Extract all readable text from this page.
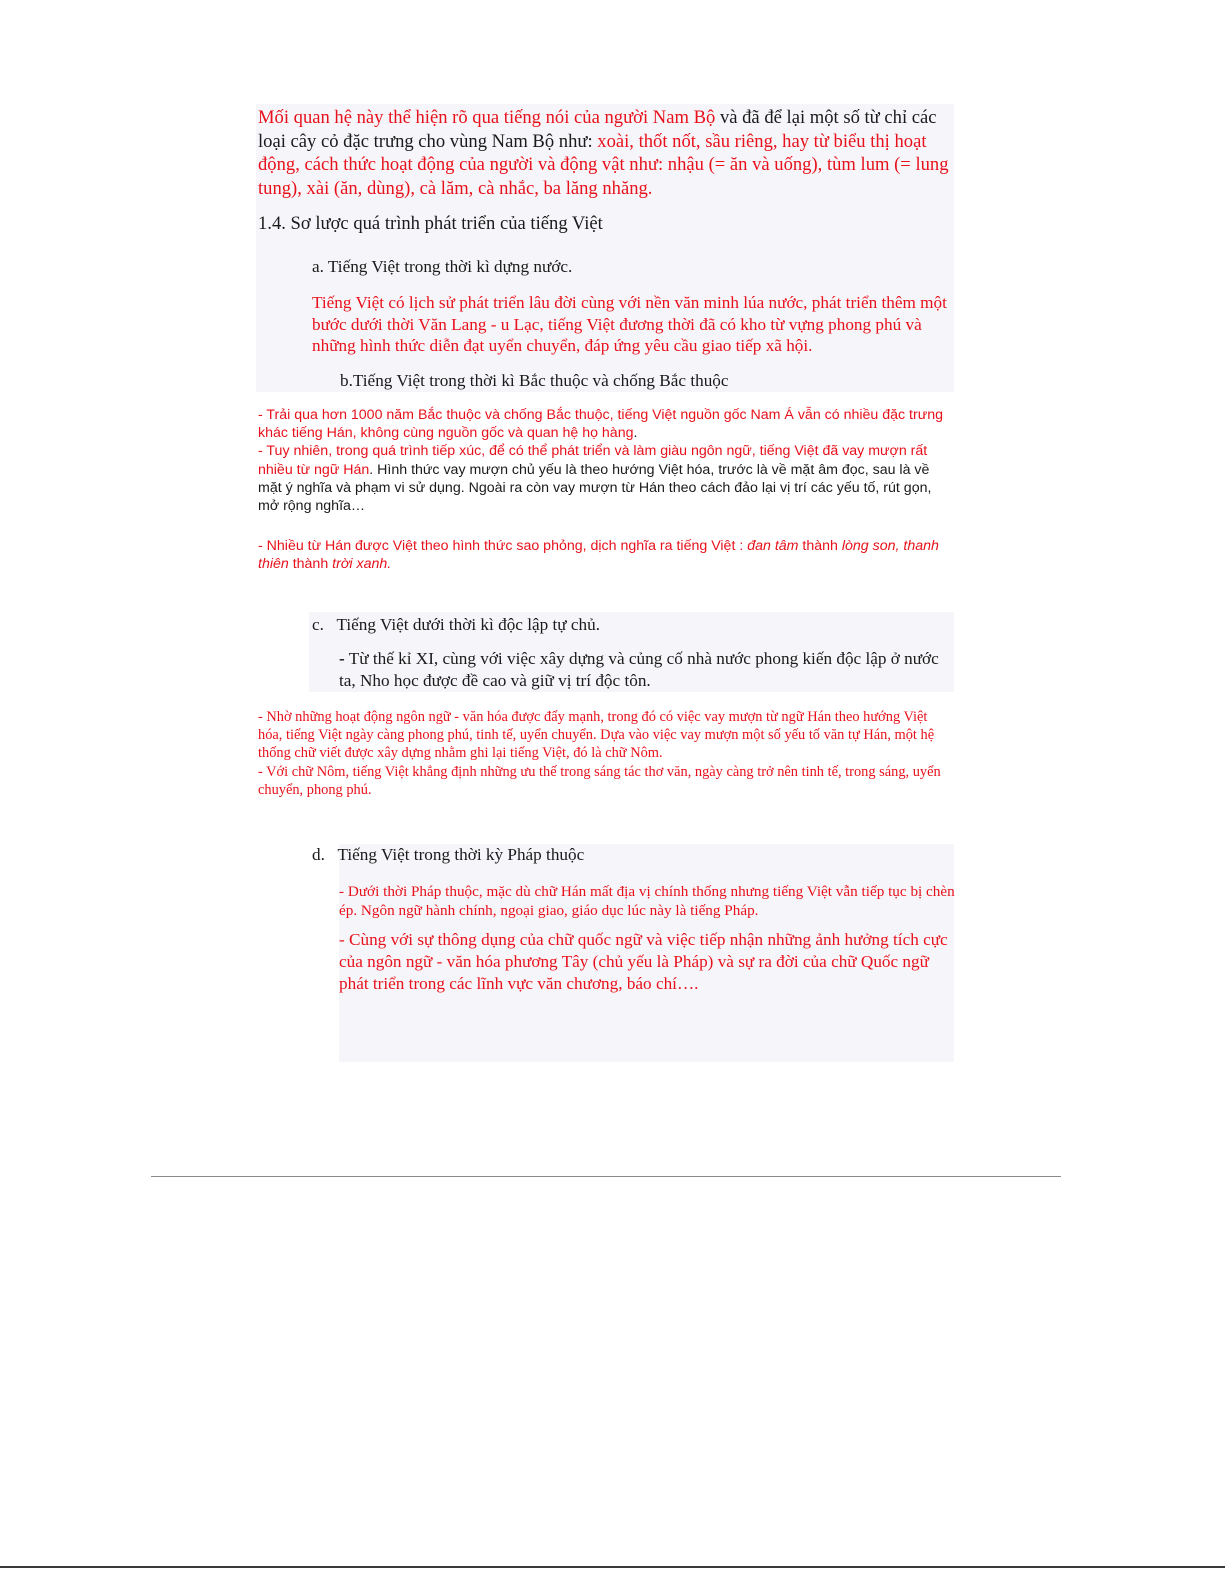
Mối quan hệ này thể hiện rõ qua tiếng nói của người Nam Bộ và đã để lại một số từ chỉ các loại cây cỏ đặc trưng cho vùng Nam Bộ như: xoài, thốt nốt, sầu riêng, hay từ biểu thị hoạt động, cách thức hoạt động của người và động vật như: nhậu (= ăn và uống), tùm lum (= lung tung), xài (ăn, dùng), cà lăm, cà nhắc, ba lăng nhăng.

1.4. Sơ lược quá trình phát triển của tiếng Việt

a. Tiếng Việt trong thời kì dựng nước.

Tiếng Việt có lịch sử phát triển lâu đời cùng với nền văn minh lúa nước, phát triển thêm một bước dưới thời Văn Lang - u Lạc, tiếng Việt đương thời đã có kho từ vựng phong phú và những hình thức diễn đạt uyển chuyển, đáp ứng yêu cầu giao tiếp xã hội.

b.Tiếng Việt trong thời kì Bắc thuộc và chống Bắc thuộc

- Trải qua hơn 1000 năm Bắc thuộc và chống Bắc thuộc, tiếng Việt nguồn gốc Nam Á vẫn có nhiều đặc trưng khác tiếng Hán, không cùng nguồn gốc và quan hệ họ hàng.

- Tuy nhiên, trong quá trình tiếp xúc, để có thể phát triển và làm giàu ngôn ngữ, tiếng Việt đã vay mượn rất nhiều từ ngữ Hán. Hình thức vay mượn chủ yếu là theo hướng Việt hóa, trước là về mặt âm đọc, sau là về mặt ý nghĩa và phạm vi sử dụng. Ngoài ra còn vay mượn từ Hán theo cách đảo lại vị trí các yếu tố, rút gọn, mở rộng nghĩa…

- Nhiều từ Hán được Việt theo hình thức sao phỏng, dịch nghĩa ra tiếng Việt : đan tâm thành lòng son, thanh thiên thành trời xanh.

c.   Tiếng Việt dưới thời kì độc lập tự chủ.

- Từ thế kỉ XI, cùng với việc xây dựng và củng cố nhà nước phong kiến độc lập ở nước ta, Nho học được đề cao và giữ vị trí độc tôn.

- Nhờ những hoạt động ngôn ngữ - văn hóa được đẩy mạnh, trong đó có việc vay mượn từ ngữ Hán theo hướng Việt hóa, tiếng Việt ngày càng phong phú, tinh tế, uyển chuyển. Dựa vào việc vay mượn một số yếu tố văn tự Hán, một hệ thống chữ viết được xây dựng nhằm ghi lại tiếng Việt, đó là chữ Nôm.

- Với chữ Nôm, tiếng Việt khẳng định những ưu thế trong sáng tác thơ văn, ngày càng trở nên tinh tế, trong sáng, uyển chuyển, phong phú.

d.   Tiếng Việt trong thời kỳ Pháp thuộc

- Dưới thời Pháp thuộc, mặc dù chữ Hán mất địa vị chính thống nhưng tiếng Việt vẫn tiếp tục bị chèn ép. Ngôn ngữ hành chính, ngoại giao, giáo dục lúc này là tiếng Pháp.

- Cùng với sự thông dụng của chữ quốc ngữ và việc tiếp nhận những ảnh hưởng tích cực của ngôn ngữ - văn hóa phương Tây (chủ yếu là Pháp) và sự ra đời của chữ Quốc ngữ phát triển trong các lĩnh vực văn chương, báo chí….
